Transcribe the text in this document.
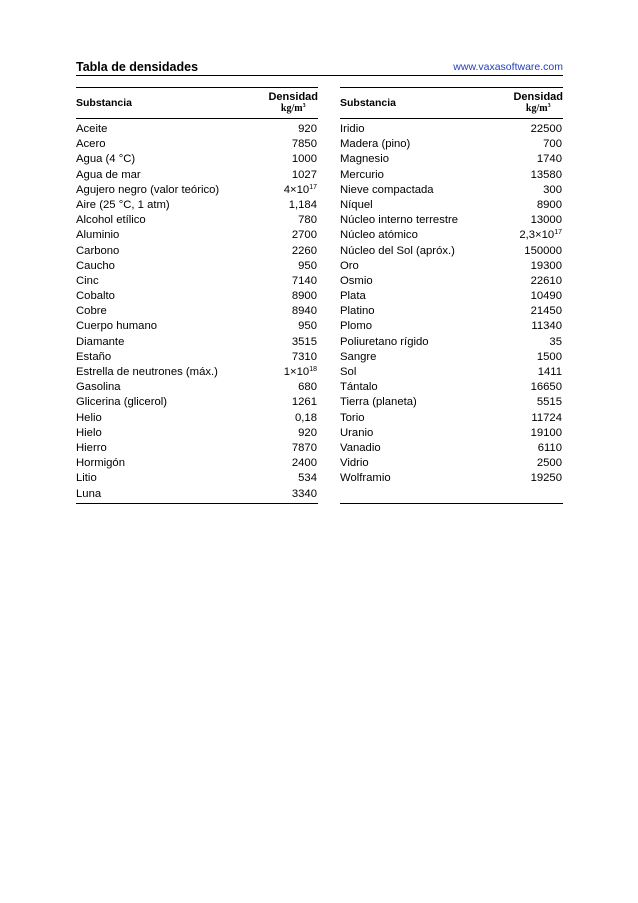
Tabla de densidades	www.vaxasoftware.com
Substancia	Densidad
$kg/m^3$
Aceite	920
Acero	7850
Agua (4 °C)	1000
Agua de mar	1027
Agujero negro (valor teórico)	$4\times 10^{17}$
Aire (25 °C, 1 atm)	1,184
Alcohol etílico	780
Aluminio	2700
Carbono	2260
Caucho	950
Cinc	7140
Cobalto	8900
Cobre	8940
Cuerpo humano	950
Diamante	3515
Estaño	7310
Estrella de neutrones (máx.)	$1\times 10^{18}$
Gasolina	680
Glicerina (glicerol)	1261
Helio	0,18
Hielo	920
Hierro	7870
Hormigón	2400
Litio	534
Luna	3340
Substancia	Densidad
$kg/m^3$
Iridio	22500
Madera (pino)	700
Magnesio	1740
Mercurio	13580
Nieve compactada	300
Níquel	8900
Núcleo interno terrestre	13000
Núcleo atómico	$2,3\times 10^{17}$
Núcleo del Sol (apróx.)	150000
Oro	19300
Osmio	22610
Plata	10490
Platino	21450
Plomo	11340
Poliuretano rígido	35
Sangre	1500
Sol	1411
Tántalo	16650
Tierra (planeta)	5515
Torio	11724
Uranio	19100
Vanadio	6110
Vidrio	2500
Wolframio	19250
